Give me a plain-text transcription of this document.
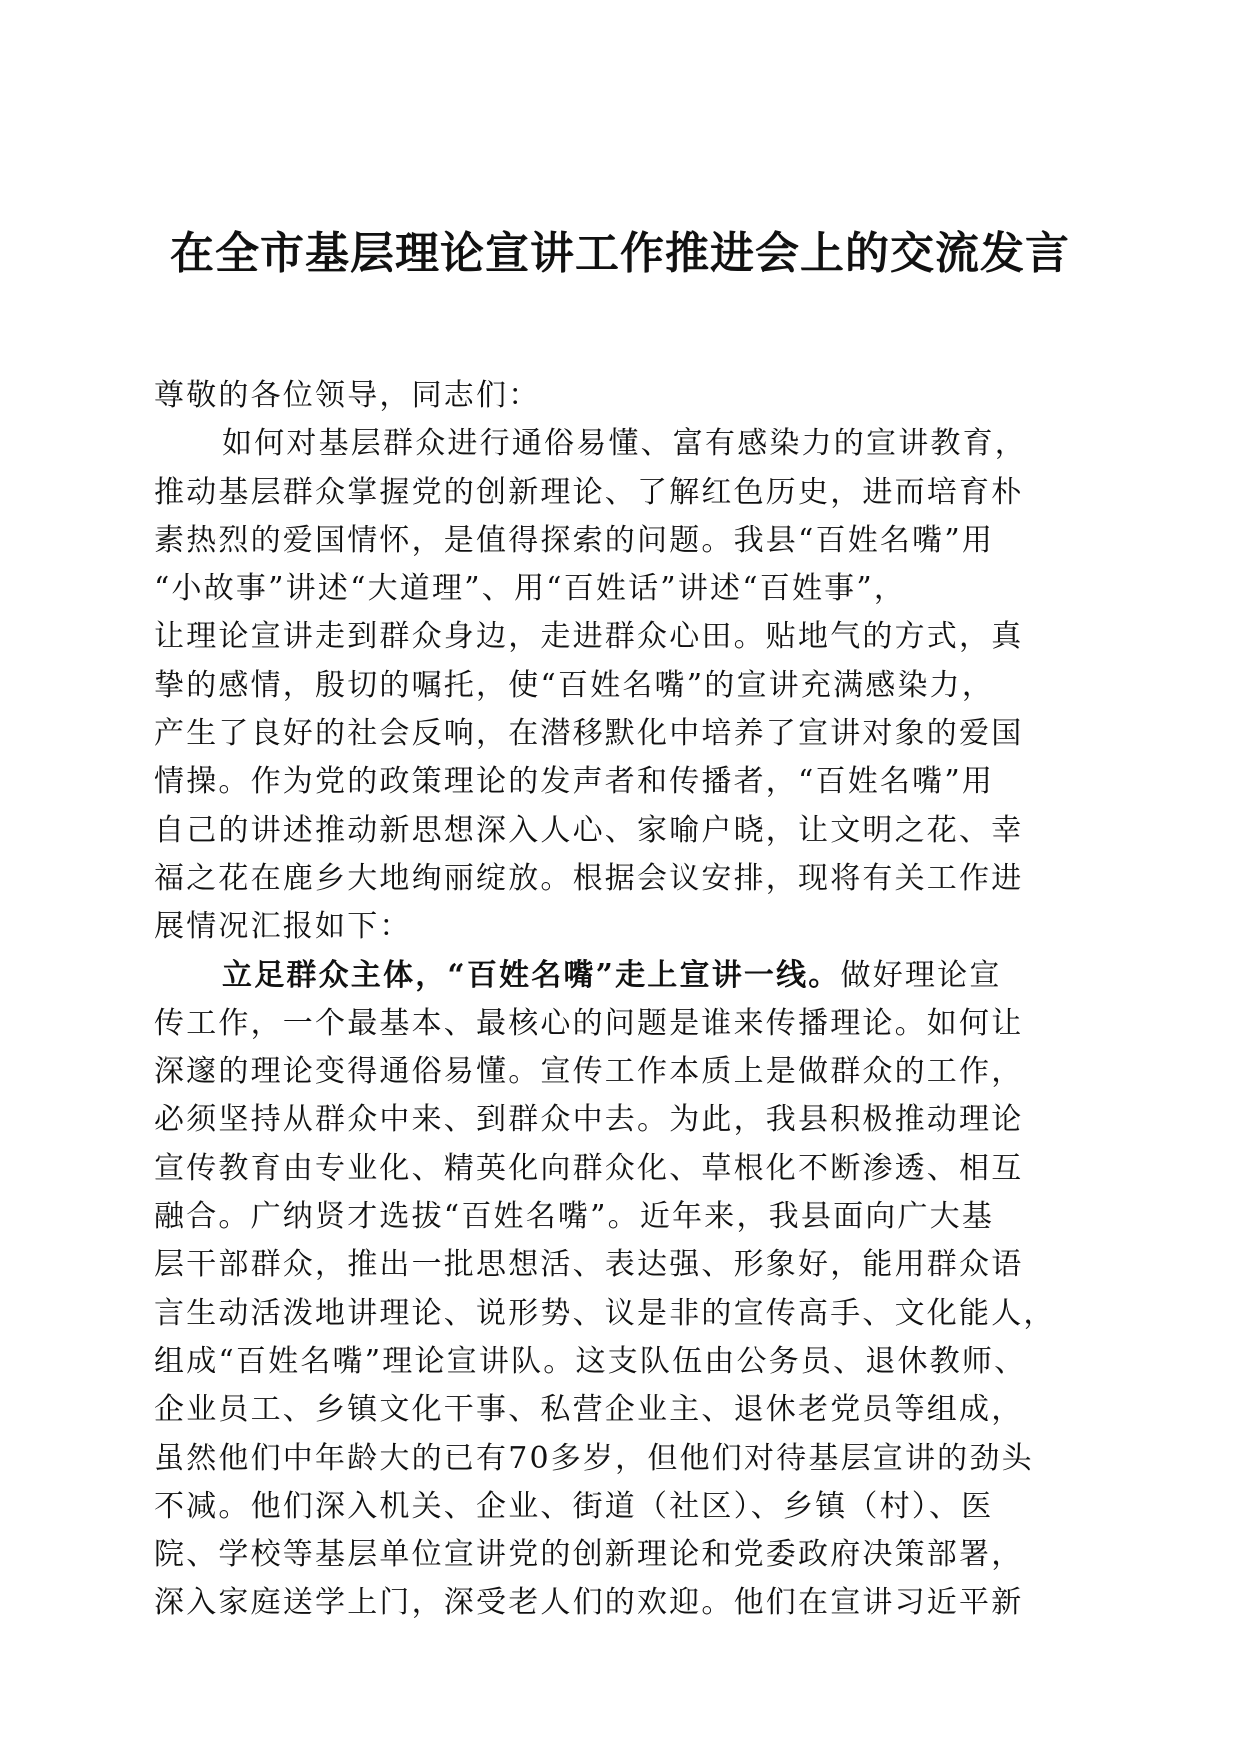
在全市基层理论宣讲工作推进会上的交流发言
尊敬的各位领导，同志们：
如何对基层群众进行通俗易懂、富有感染力的宣讲教育，
推动基层群众掌握党的创新理论、了解红色历史，进而培育朴
素热烈的爱国情怀，是值得探索的问题。我县“百姓名嘴”用
“小故事”讲述“大道理”、用“百姓话”讲述“百姓事”，
让理论宣讲走到群众身边，走进群众心田。贴地气的方式，真
挚的感情，殷切的嘱托，使“百姓名嘴”的宣讲充满感染力，
产生了良好的社会反响，在潜移默化中培养了宣讲对象的爱国
情操。作为党的政策理论的发声者和传播者，“百姓名嘴”用
自己的讲述推动新思想深入人心、家喻户晓，让文明之花、幸
福之花在鹿乡大地绚丽绽放。根据会议安排，现将有关工作进
展情况汇报如下：
立足群众主体，“百姓名嘴”走上宣讲一线。做好理论宣
传工作，一个最基本、最核心的问题是谁来传播理论。如何让
深邃的理论变得通俗易懂。宣传工作本质上是做群众的工作，
必须坚持从群众中来、到群众中去。为此，我县积极推动理论
宣传教育由专业化、精英化向群众化、草根化不断渗透、相互
融合。广纳贤才选拔“百姓名嘴”。近年来，我县面向广大基
层干部群众，推出一批思想活、表达强、形象好，能用群众语
言生动活泼地讲理论、说形势、议是非的宣传高手、文化能人，
组成“百姓名嘴”理论宣讲队。这支队伍由公务员、退休教师、
企业员工、乡镇文化干事、私营企业主、退休老党员等组成，
虽然他们中年龄大的已有70多岁，但他们对待基层宣讲的劲头
不减。他们深入机关、企业、街道（社区）、乡镇（村）、医
院、学校等基层单位宣讲党的创新理论和党委政府决策部署，
深入家庭送学上门，深受老人们的欢迎。他们在宣讲习近平新
